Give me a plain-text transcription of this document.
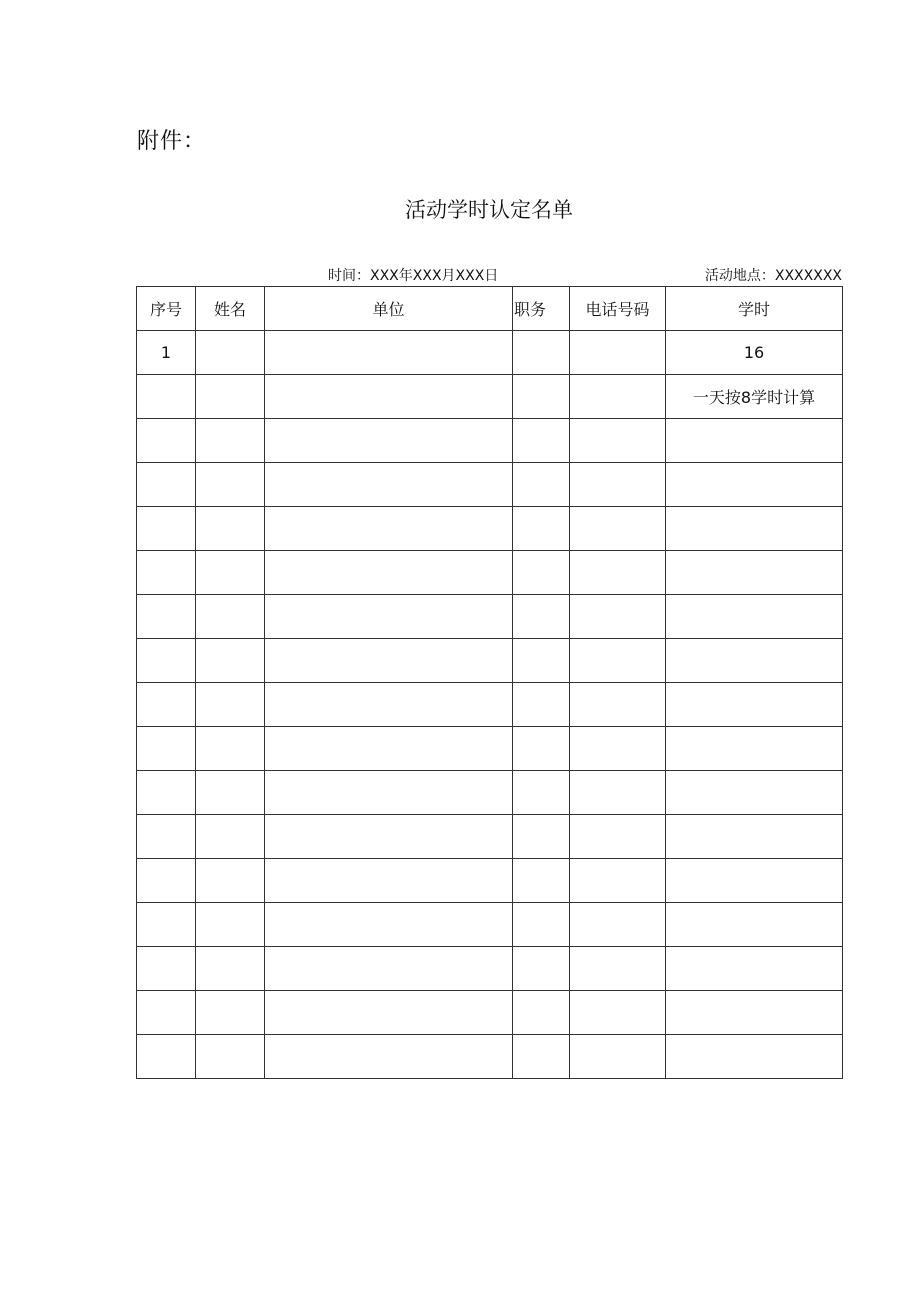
附件：
活动学时认定名单
时间：XXX年XXX月XXX日	活动地点：XXXXXXX
序号	姓名	单位	职务	电话号码	学时
1					16
					一天按8学时计算
